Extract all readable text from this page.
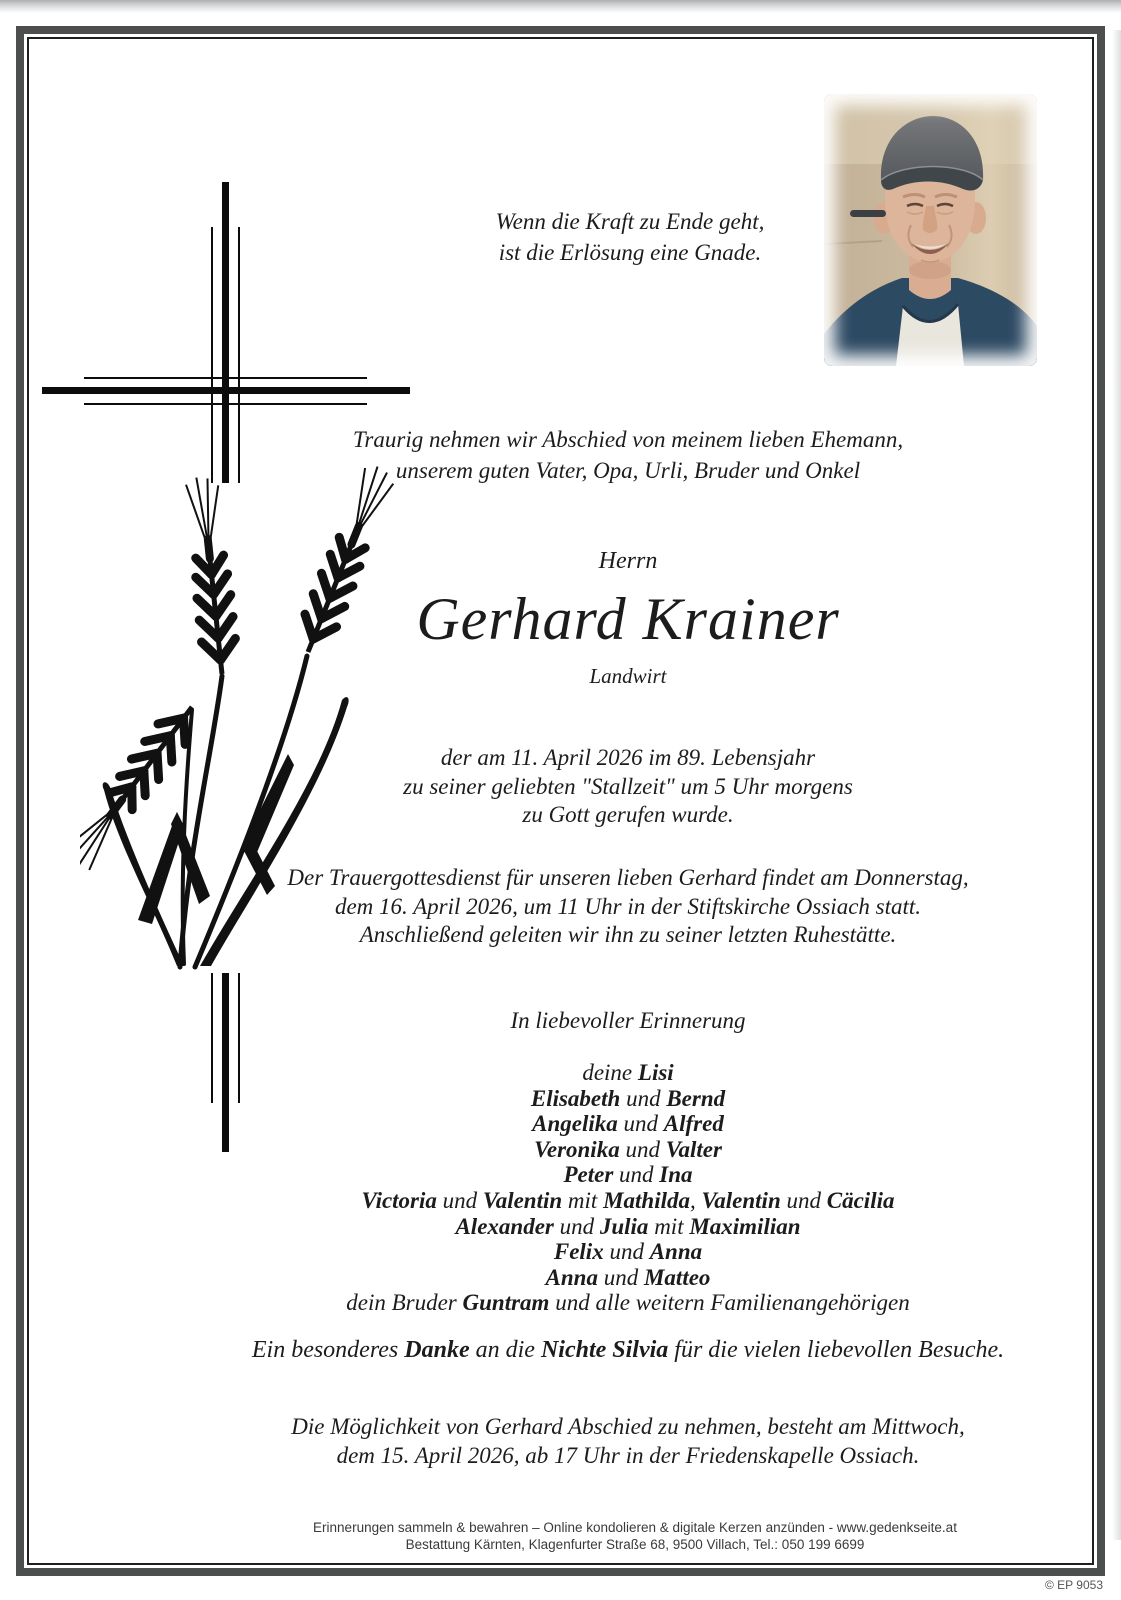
Wenn die Kraft zu Ende geht,
ist die Erlösung eine Gnade.
Traurig nehmen wir Abschied von meinem lieben Ehemann,
unserem guten Vater, Opa, Urli, Bruder und Onkel
Herrn
Gerhard Krainer
Landwirt
der am 11. April 2026 im 89. Lebensjahr
zu seiner geliebten "Stallzeit" um 5 Uhr morgens
zu Gott gerufen wurde.
Der Trauergottesdienst für unseren lieben Gerhard findet am Donnerstag,
dem 16. April 2026, um 11 Uhr in der Stiftskirche Ossiach statt.
Anschließend geleiten wir ihn zu seiner letzten Ruhestätte.
In liebevoller Erinnerung
deine Lisi
Elisabeth und Bernd
Angelika und Alfred
Veronika und Valter
Peter und Ina
Victoria und Valentin mit Mathilda, Valentin und Cäcilia
Alexander und Julia mit Maximilian
Felix und Anna
Anna und Matteo
dein Bruder Guntram und alle weitern Familienangehörigen
Ein besonderes Danke an die Nichte Silvia für die vielen liebevollen Besuche.
Die Möglichkeit von Gerhard Abschied zu nehmen, besteht am Mittwoch,
dem 15. April 2026, ab 17 Uhr in der Friedenskapelle Ossiach.
Erinnerungen sammeln & bewahren – Online kondolieren & digitale Kerzen anzünden - www.gedenkseite.at
Bestattung Kärnten, Klagenfurter Straße 68, 9500 Villach, Tel.: 050 199 6699
© EP 9053
